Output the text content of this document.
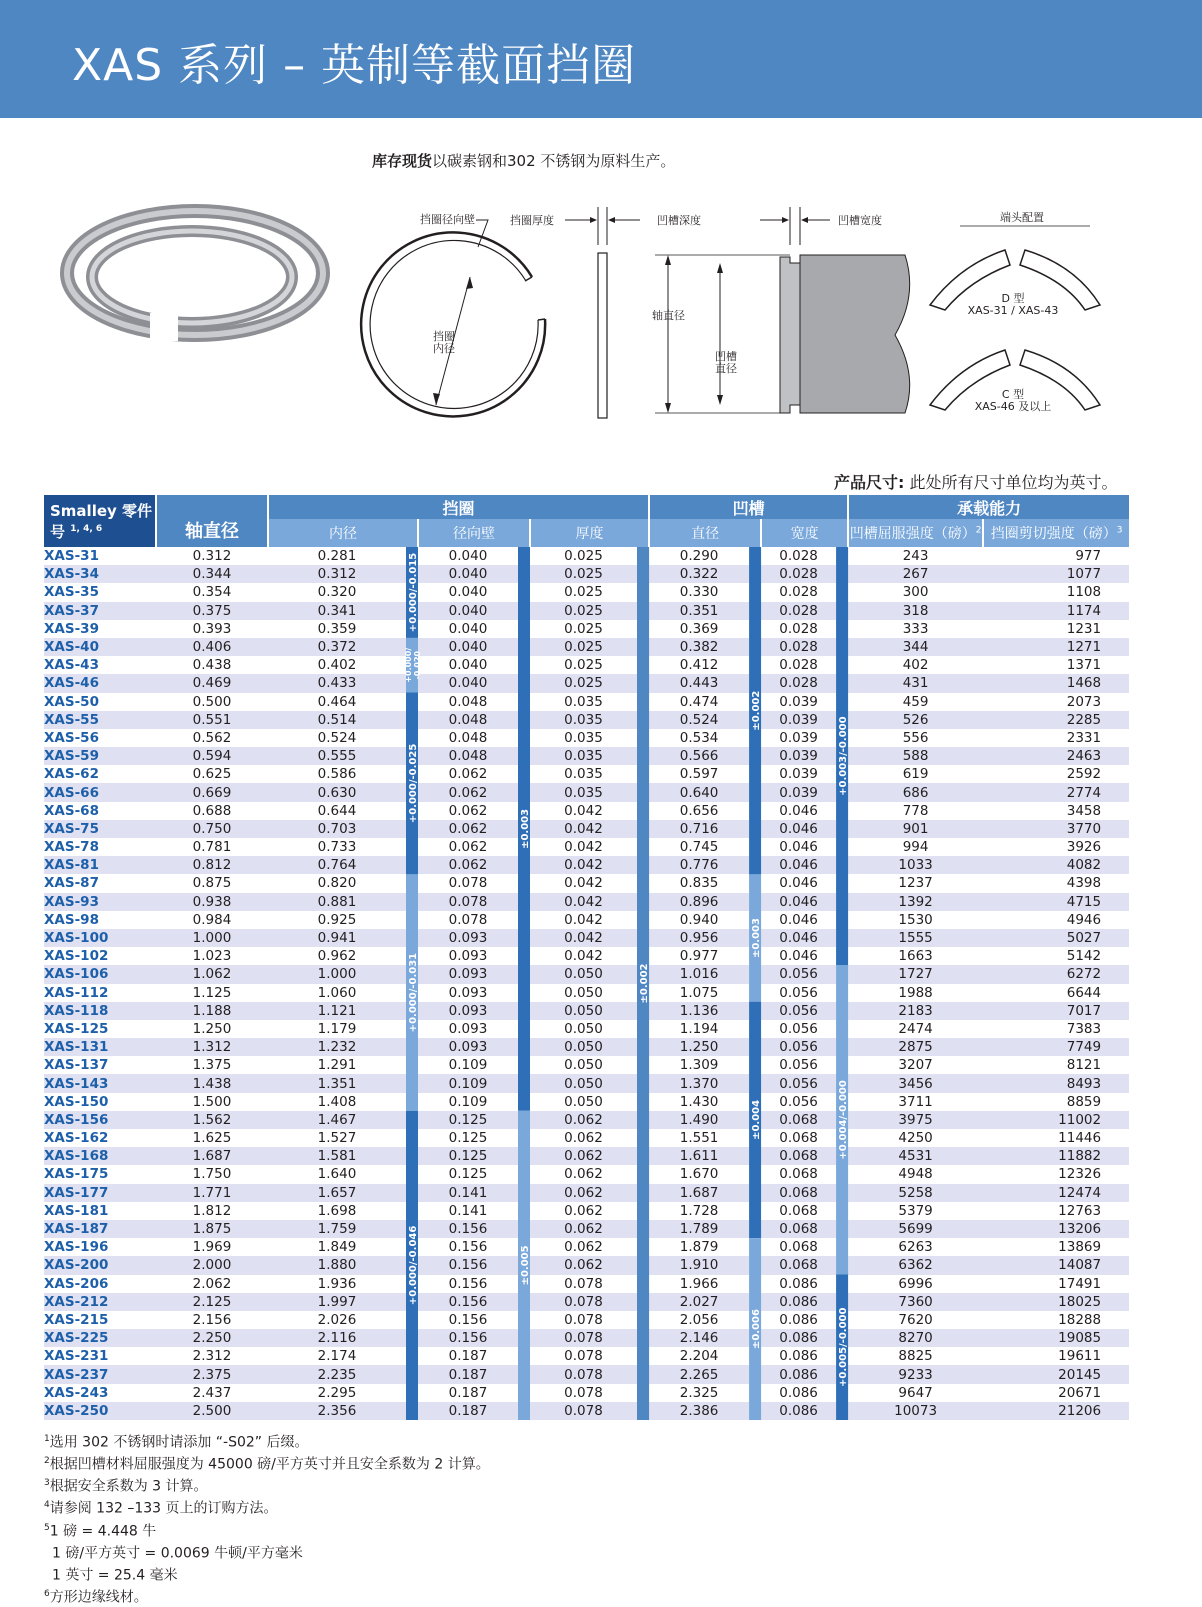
XAS 系列 – 英制等截面挡圈
库存现货以碳素钢和302 不锈钢为原料生产。
挡圈
内径
挡圈径向壁	挡圈厚度	凹槽深度
轴直径
凹槽
直径
凹槽宽度	端头配置
D 型
XAS-31 / XAS-43
C 型
XAS-46 及以上
产品尺寸: 此处所有尺寸单位均为英寸。
Smalley 零件
号 $^{1, 4, 6}$	轴直径	挡圈						凹槽				承载能力	
		内径		径向壁		厚度		直径		宽度		凹槽屈服强度（磅）$^2$	挡圈剪切强度（磅）$^3$
XAS-31	0.312	0.281		0.040		0.025		0.290		0.028		243	977
XAS-34	0.344	0.312		0.040		0.025		0.322		0.028		267	1077
XAS-35	0.354	0.320		0.040		0.025		0.330		0.028		300	1108
XAS-37	0.375	0.341		0.040		0.025		0.351		0.028		318	1174
XAS-39	0.393	0.359		0.040		0.025		0.369		0.028		333	1231
XAS-40	0.406	0.372		0.040		0.025		0.382		0.028		344	1271
XAS-43	0.438	0.402		0.040		0.025		0.412		0.028		402	1371
XAS-46	0.469	0.433		0.040		0.025		0.443		0.028		431	1468
XAS-50	0.500	0.464		0.048		0.035		0.474		0.039		459	2073
XAS-55	0.551	0.514		0.048		0.035		0.524		0.039		526	2285
XAS-56	0.562	0.524		0.048		0.035		0.534		0.039		556	2331
XAS-59	0.594	0.555		0.048		0.035		0.566		0.039		588	2463
XAS-62	0.625	0.586		0.062		0.035		0.597		0.039		619	2592
XAS-66	0.669	0.630		0.062		0.035		0.640		0.039		686	2774
XAS-68	0.688	0.644		0.062		0.042		0.656		0.046		778	3458
XAS-75	0.750	0.703		0.062		0.042		0.716		0.046		901	3770
XAS-78	0.781	0.733		0.062		0.042		0.745		0.046		994	3926
XAS-81	0.812	0.764		0.062		0.042		0.776		0.046		1033	4082
XAS-87	0.875	0.820		0.078		0.042		0.835		0.046		1237	4398
XAS-93	0.938	0.881		0.078		0.042		0.896		0.046		1392	4715
XAS-98	0.984	0.925		0.078		0.042		0.940		0.046		1530	4946
XAS-100	1.000	0.941		0.093		0.042		0.956		0.046		1555	5027
XAS-102	1.023	0.962		0.093		0.042		0.977		0.046		1663	5142
XAS-106	1.062	1.000		0.093		0.050		1.016		0.056		1727	6272
XAS-112	1.125	1.060		0.093		0.050		1.075		0.056		1988	6644
XAS-118	1.188	1.121		0.093		0.050		1.136		0.056		2183	7017
XAS-125	1.250	1.179		0.093		0.050		1.194		0.056		2474	7383
XAS-131	1.312	1.232		0.093		0.050		1.250		0.056		2875	7749
XAS-137	1.375	1.291		0.109		0.050		1.309		0.056		3207	8121
XAS-143	1.438	1.351		0.109		0.050		1.370		0.056		3456	8493
XAS-150	1.500	1.408		0.109		0.050		1.430		0.056		3711	8859
XAS-156	1.562	1.467		0.125		0.062		1.490		0.068		3975	11002
XAS-162	1.625	1.527		0.125		0.062		1.551		0.068		4250	11446
XAS-168	1.687	1.581		0.125		0.062		1.611		0.068		4531	11882
XAS-175	1.750	1.640		0.125		0.062		1.670		0.068		4948	12326
XAS-177	1.771	1.657		0.141		0.062		1.687		0.068		5258	12474
XAS-181	1.812	1.698		0.141		0.062		1.728		0.068		5379	12763
XAS-187	1.875	1.759		0.156		0.062		1.789		0.068		5699	13206
XAS-196	1.969	1.849		0.156		0.062		1.879		0.068		6263	13869
XAS-200	2.000	1.880		0.156		0.062		1.910		0.068		6362	14087
XAS-206	2.062	1.936		0.156		0.078		1.966		0.086		6996	17491
XAS-212	2.125	1.997		0.156		0.078		2.027		0.086		7360	18025
XAS-215	2.156	2.026		0.156		0.078		2.056		0.086		7620	18288
XAS-225	2.250	2.116		0.156		0.078		2.146		0.086		8270	19085
XAS-231	2.312	2.174		0.187		0.078		2.204		0.086		8825	19611
XAS-237	2.375	2.235		0.187		0.078		2.265		0.086		9233	20145
XAS-243	2.437	2.295		0.187		0.078		2.325		0.086		9647	20671
XAS-250	2.500	2.356		0.187		0.078		2.386		0.086		10073	21206
+0.000/-0.015
+0.000/-0.020
+0.000/-0.025
+0.000/-0.031
+0.000/-0.046
±0.003
±0.005
±0.002
±0.002
±0.003
±0.004
±0.006
+0.003/-0.000
+0.004/-0.000
+0.005/-0.000
$^1$选用 302 不锈钢时请添加 “-S02” 后缀。
$^2$根据凹槽材料屈服强度为 45000 磅/平方英寸并且安全系数为 2 计算。
$^3$根据安全系数为 3 计算。
$^4$请参阅 132 –133 页上的订购方法。
$^5$1 磅 = 4.448 牛
1 磅/平方英寸 = 0.0069 牛顿/平方毫米
1 英寸 = 25.4 毫米
$^6$方形边缘线材。
